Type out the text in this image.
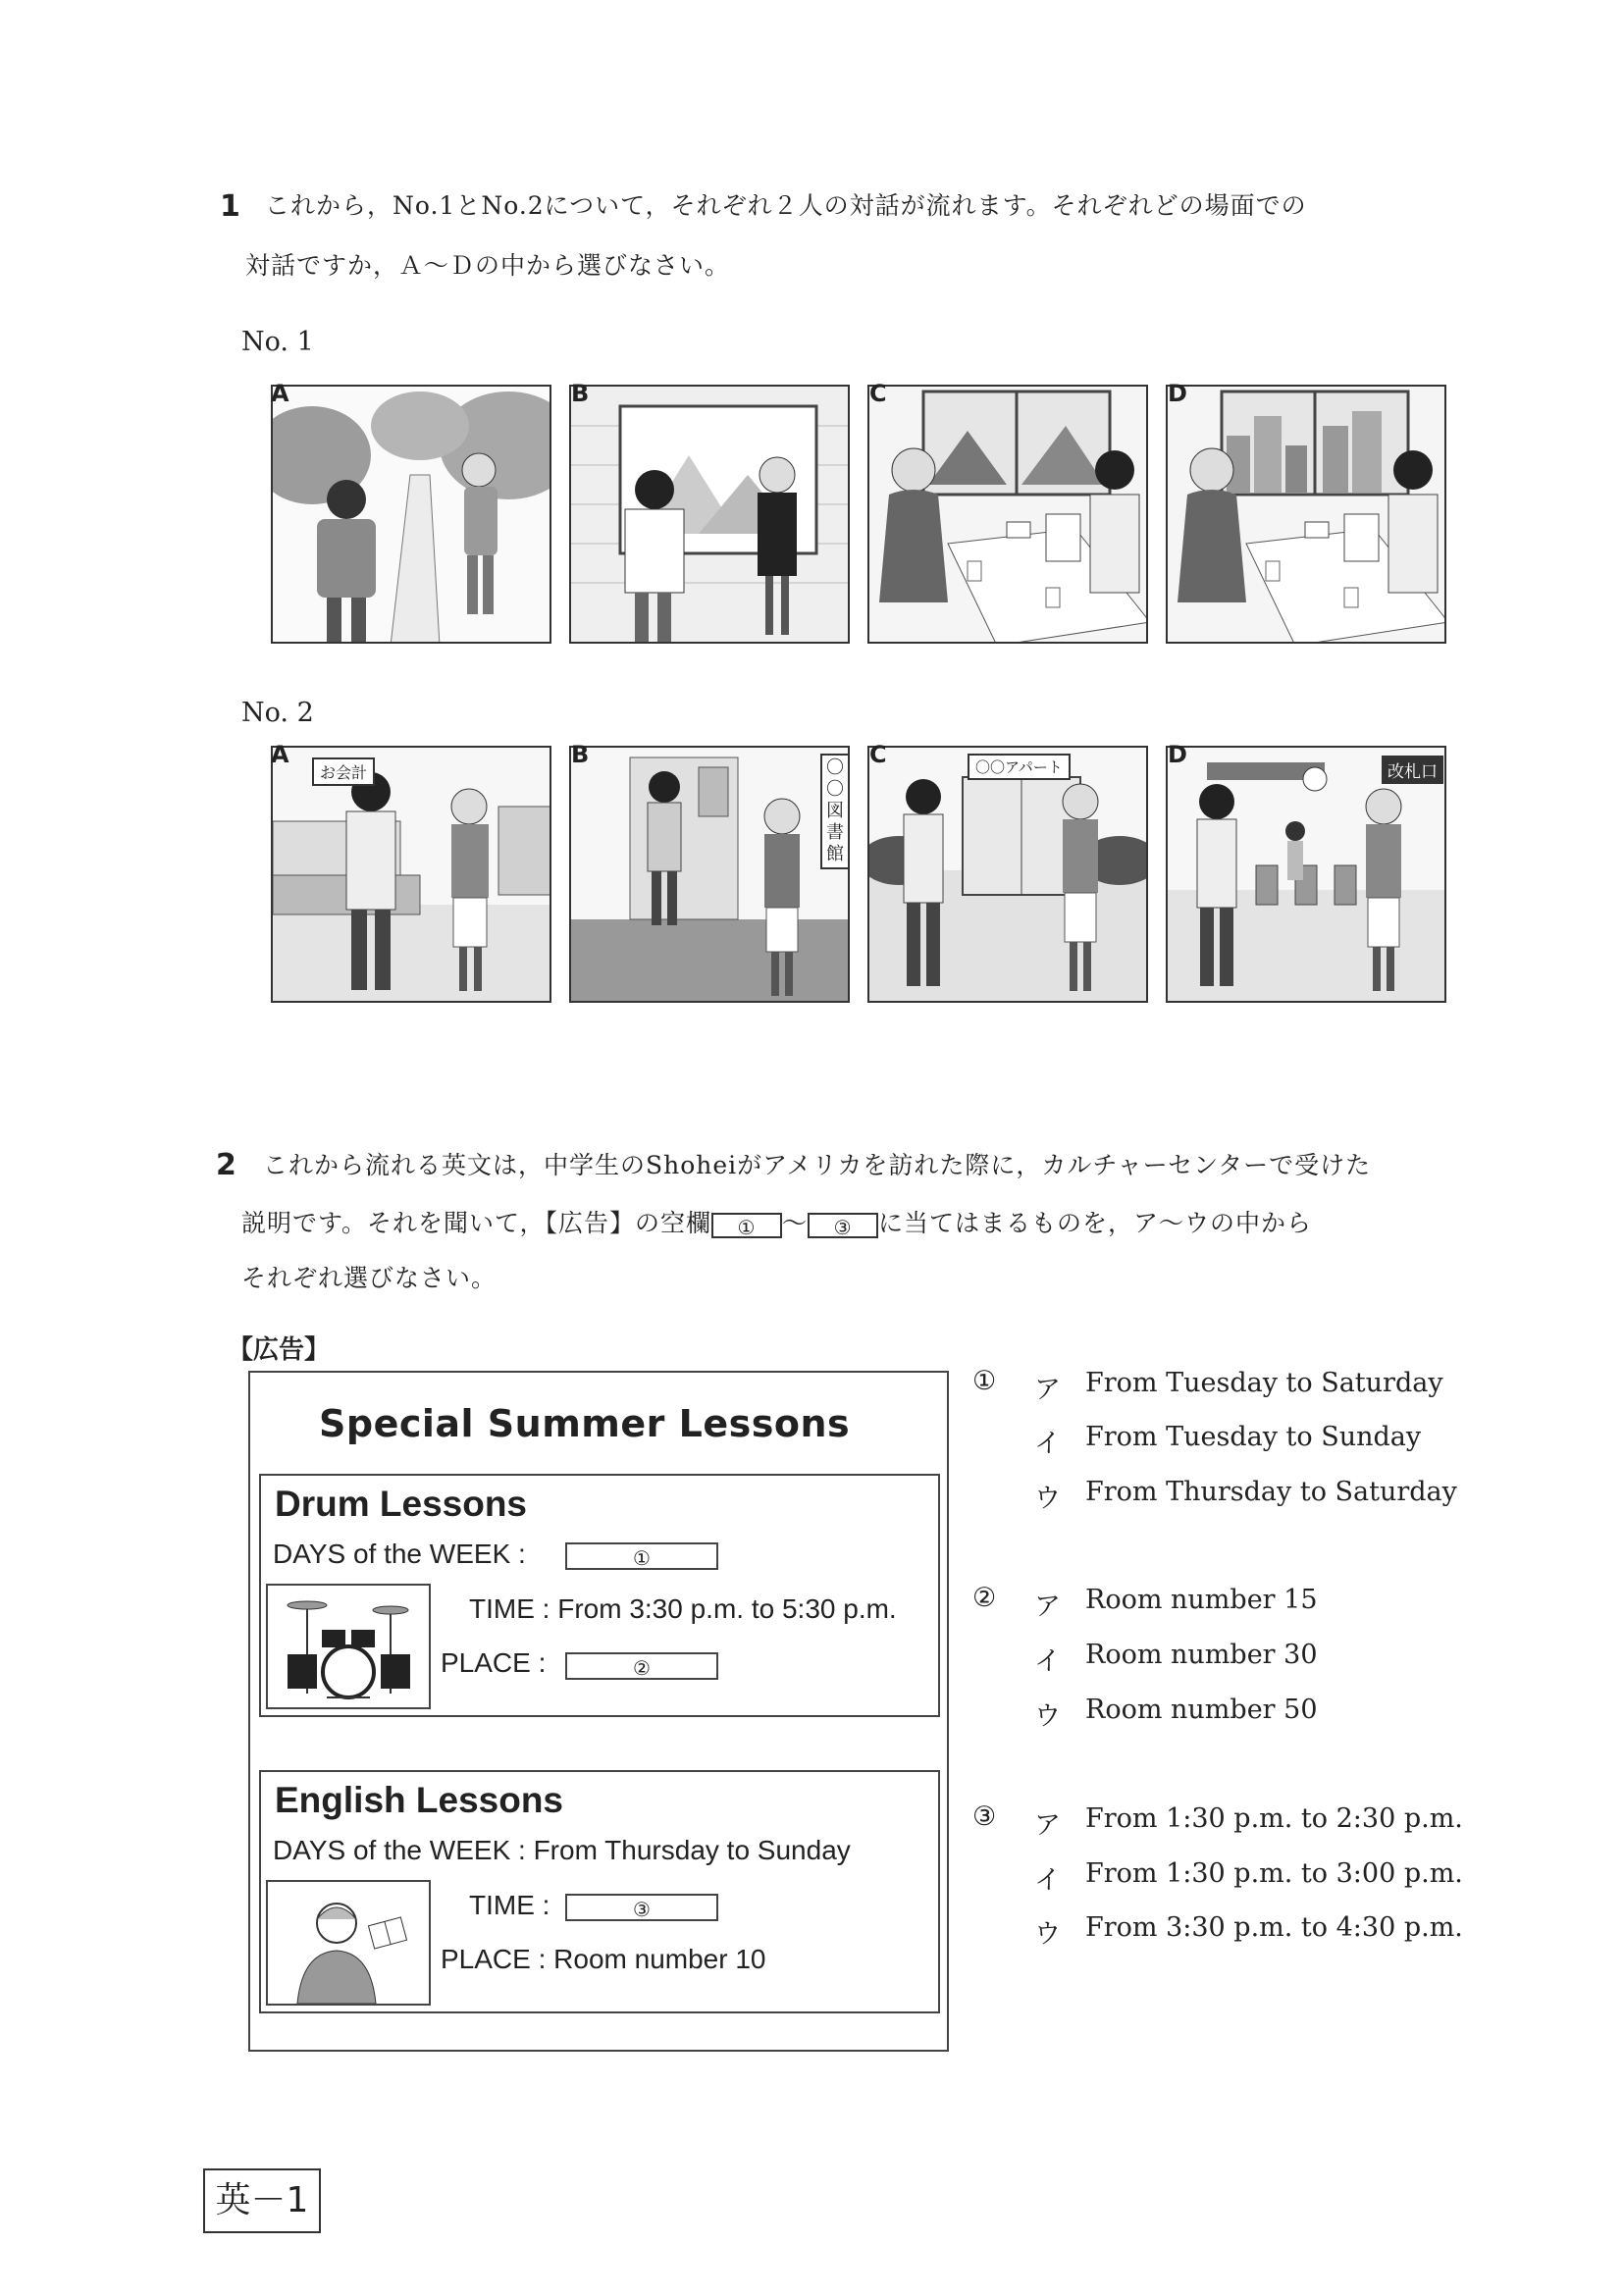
1 これから，No.1とNo.2について，それぞれ２人の対話が流れます。それぞれどの場面での
対話ですか，Ａ～Ｄの中から選びなさい。
No. 1
A	B	C	D
No. 2
お会計
A	〇〇図書館
B	〇〇アパート
C
改札口
D
2 これから流れる英文は，中学生のShoheiがアメリカを訪れた際に，カルチャーセンターで受けた
説明です。それを聞いて，【広告】の空欄 ① ～ ③ に当てはまるものを，ア～ウの中から
それぞれ選びなさい。
【広告】
Special Summer Lessons
Drum Lessons
DAYS of the WEEK :	①
TIME : From 3:30 p.m. to 5:30 p.m.
PLACE :	②
English Lessons
DAYS of the WEEK : From Thursday to Sunday
TIME :	③
PLACE : Room number 10
① ア From Tuesday to Saturday
イ From Tuesday to Sunday
ウ From Thursday to Saturday
② ア Room number 15
イ Room number 30
ウ Room number 50
③ ア From 1:30 p.m. to 2:30 p.m.
イ From 1:30 p.m. to 3:00 p.m.
ウ From 3:30 p.m. to 4:30 p.m.
英－1
